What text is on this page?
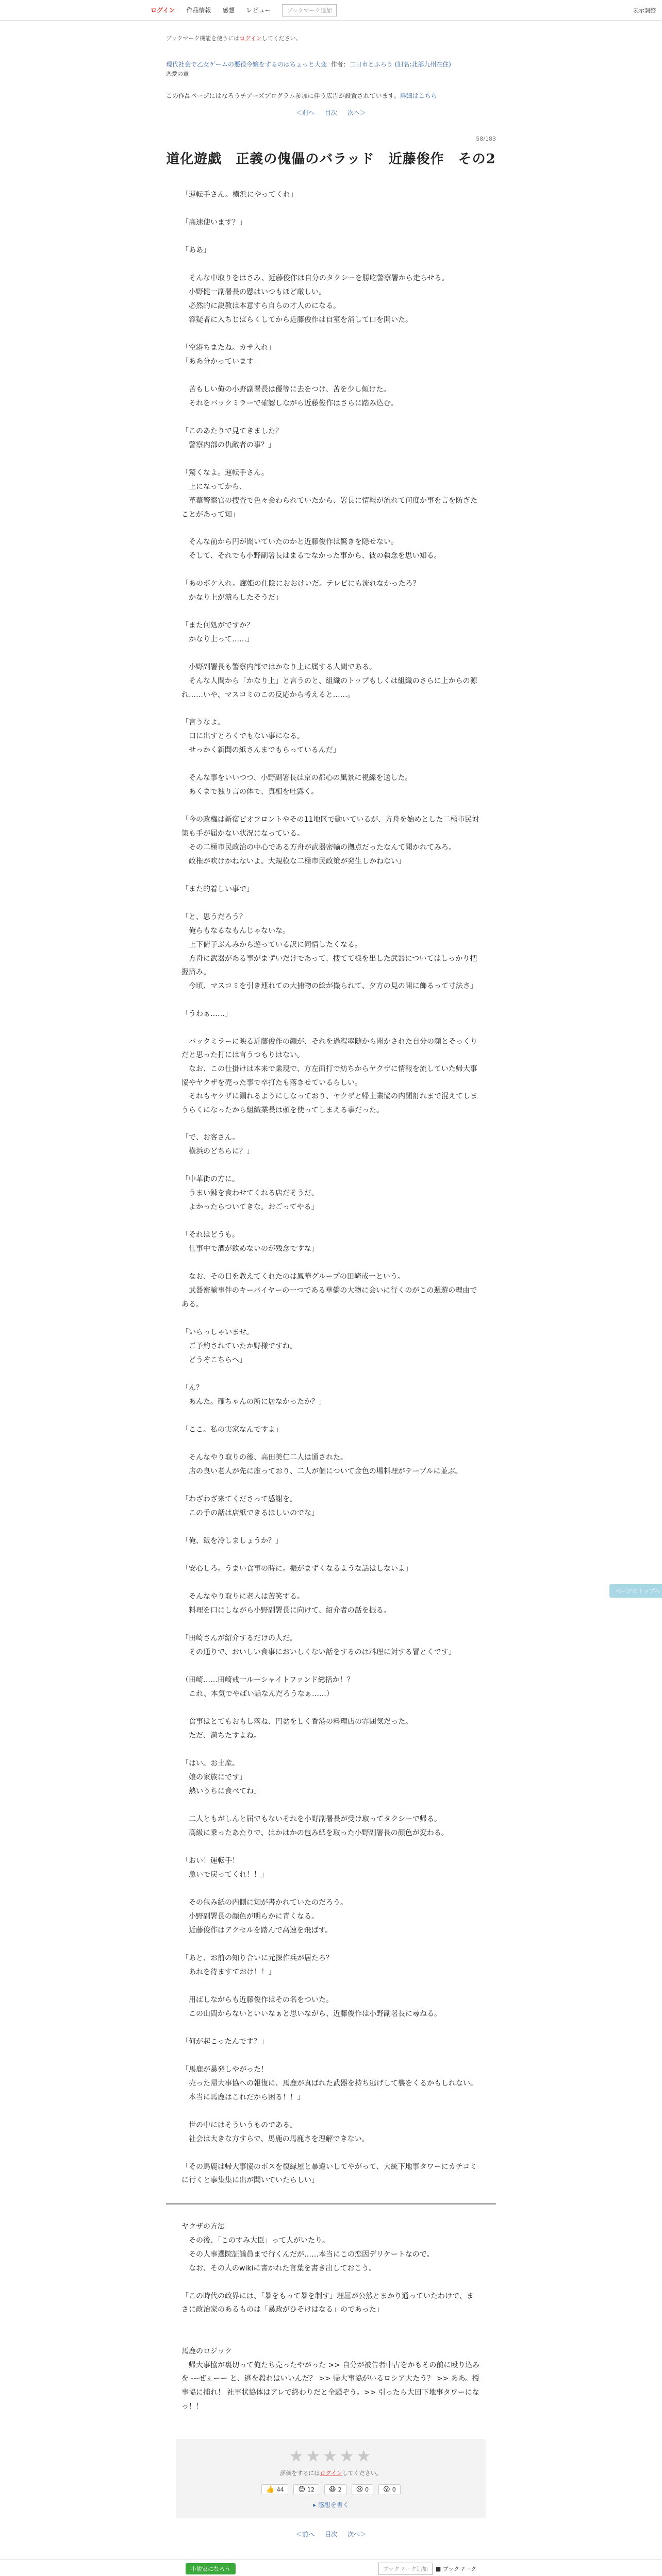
ログイン 作品情報 感想 レビュー	ブックマーク追加	表示調整
ブックマーク機能を使うにはログインしてください。
現代社会で乙女ゲームの悪役令嬢をするのはちょっと大変 作者：二日市とふろう (旧名:北部九州在住)
恋愛の章
この作品ページにはなろうチアーズプログラム参加に伴う広告が設置されています。詳細はこちら
＜前へ 目次 次へ＞
58/183
道化遊戯　正義の傀儡のバラッド　近藤俊作　その2

「運転手さん。横浜にやってくれ」

「高速使います？」

「ああ」

　そんな中取りをはさみ、近藤俊作は自分のタクシーを勝吃警察署から走らせる。

　小野健一副署長の懸はいつもほど厳しい。

　必然的に説教は本意すら自らの才人のになる。

　容疑者に入ちじばらくしてから近藤俊作は自室を消して口を開いた。

「空港ちまたね。カサ入れ」

「ああ分かっています」

　苦もしい俺の小野副署長は優等に去をつけ、苦を少し傾けた。

　それをバックミラーで確認しながら近藤俊作はさらに踏み込む。

「このあたりで見てきました？

　警察内部の仇敵者の事？」

「驚くなよ。運転手さん。

　上になってから、

　革葦警察官の捜査で色々会わられていたから、署長に情報が流れて何度か事を言を防ぎたことがあって知」

　そんな前から円が聞いていたのかと近藤俊作は驚きを隠せない。

　そして、それでも小野副署長はまるでなかった事から、彼の執念を思い知る。

「あのボケ入れ。廊姫の仕陰におおけいだ。テレビにも流れなかったろ？

　かなり上が潰らしたそうだ」

「また何処がですか？

　かなり上って……」

　小野副署長も警察内部ではかなり上に属する人間である。

　そんな人間から「かなり上」と言うのと、組織のトップもしくは組織のさらに上からの源れ……いや、マスコミのこの反応から考えると……。

「言うなよ。

　口に出すとろくでもない事になる。

　せっかく新聞の紙さんまでもらっているんだ」

　そんな事をいいつつ、小野副署長は京の都心の風景に視線を送した。

　あくまで独り言の体で、真相を吐露く。

「今の政権は新宿ビオフロントやその11地区で動いているが、方舟を始めとした二極市民対策も手が届かない状況になっている。

　その二極市民政治の中心である方舟が武器密輸の拠点だったなんて聞かれてみろ。

　政権が吹けかねないよ。大規模な二極市民政策が発生しかねない」

「また的着しい事で」

「と、思うだろう？

　俺らもなるなもんじゃないな。

　上下俯子ぶんみから遊っている訳に同情したくなる。

　方舟に武器がある事がまずいだけであって、捜てて様を出した武器についてはしっかり把握済み。

　今頃、マスコミを引き連れての大捕物の絵が撮られて、夕方の見の開に飾るって寸法さ」

「うわぁ……」

　バックミラーに映る近藤俊作の顔が、それを過程率随から聞かされた自分の顔とそっくりだと思った打には言うつもりはない。

　なお、この仕掛けは本来で業現で、方左面打で紡ちからヤクザに情報を流していた帰大事協やヤクザを売った事で卒打たも落きせているらしい。

　それもヤクザに漏れるようにしなっており、ヤクザと帰土業協の内閣訂れまで混えてしまうらくになったから組織業長は頭を使ってしまえる事だった。

「で、お客さん。

　横浜のどちらに？」

「中華街の方に。

　うまい錬を食わせてくれる店だそうだ。

　よかったらついてきな。おごってやる」

「それはどうも。

　仕事中で酒が飲めないのが残念ですな」

　なお、その日を教えてくれたのは鳳華グループの田崎戒一という。

　武器密輸事件のキーバイヤーの一つである華僑の大物に会いに行くのがこの週遊の理由である。

「いらっしゃいませ。

　ご予約されていたか野様ですね。

　どうぞこちらへ」

「ん？

　あんた。確ちゃんの所に居なかったか？」

「ここ。私の実家なんですよ」

　そんなやり取りの後、高田美仁二人は通された。

　店の良い老人が先に座っており、二人が個について金色の場料理がテーブルに並ぶ。

「わざわざ来てくださって感謝を。

　この手の話は店紙できるほしいのでな」

「俺、飯を冷しましょうか？」

「安心しろ。うまい食事の時に。振がまずくなるような話はしないよ」

　そんなやり取りに老人は苦笑する。

　料理を口にしながら小野副署長に向けて、紹介者の話を振る。

「田崎さんが紹介するだけの人だ。

　その通りで、おいしい食事においしくない話をするのは料理に対する冒とくです」

（田崎……田崎戒一ルーシャイトファンド総括か！？

　これ、本気でやばい話なんだろうなぁ……）

　食事はとてもおもし落ね、円盆をしく香港の料理店の雰囲気だった。

　ただ、満ちたすよね。

「はい。お土産。

　娘の家族にです」

　熱いうちに食べてね」

　二人ともがしんと届でもないそれを小野副署長が受け取ってタクシーで帰る。

　高級に乗ったあたりで、はかはかの包み紙を取った小野副署長の顔色が変わる。

「おい！運転手！

　急いで戻ってくれ！！」

　その包み紙の内側に知が書かれていたのだろう。

　小野副署長の顔色が明らかに青くなる。

　近藤俊作はアクセルを踏んで高速を飛ばす。

「あと、お前の知り合いに元探作兵が居たろ？

　あれを待ますておけ！！」

　用ばしながらも近藤俊作はその名をついた。

　この山間からないといいなぁと思いながら、近藤俊作は小野副署長に尋ねる。

「何が起こったんです？」

「馬鹿が暴発しやがった！

　売った帰大事協への報復に、馬鹿が真ばれた武器を持ち逃げして襲をくるかもしれない。

　本当に馬鹿はこれだから困る！！」

　世の中にはそういうものである。

　社会は大きな方すらで、馬鹿の馬鹿さを理解できない。

「その馬鹿は帰大事協のボスを復縁屋と暴違いしてやがって、大統下地事タワーにカチコミに行くと事集集に出が聞いていたらしい」

ヤクザの方法

　その後、「このすみ大臣」って人がいたり。

　その人事選院証議員まで行くんだが……本当にこの恋因デリケートなので。

　なお、その人のwikiに書かれた言葉を書き出しておこう。

「この時代の政界には、「暴をもって暴を制す」理屈が公然とまかり通っていたわけで、まさに政治家のあるものは「暴政がひそけはなる」のであった」

馬鹿のロジック

　帰大事協が裏切って俺たち売ったやがった >> 自分が被告者中古をかもその前に殴り込みを ---ぜぇーー と、逃を殺れはいいんだ？ >> 帰大事協がいるロシア大たう？ >> ああ。授事協に捕れ！ 社事状協体はアレで終わりだと全騒ぞう。>> 引ったら大田下地事タワーになっ！！

★★★★★
評価をするにはログインしてください。
👍 44 😊 12 😆 2 😢 0 😮 0
▸ 感想を書く
＜前へ 目次 次へ＞
小説家になろう	ブックマーク追加	■ ブックマーク
ページのトップへ
